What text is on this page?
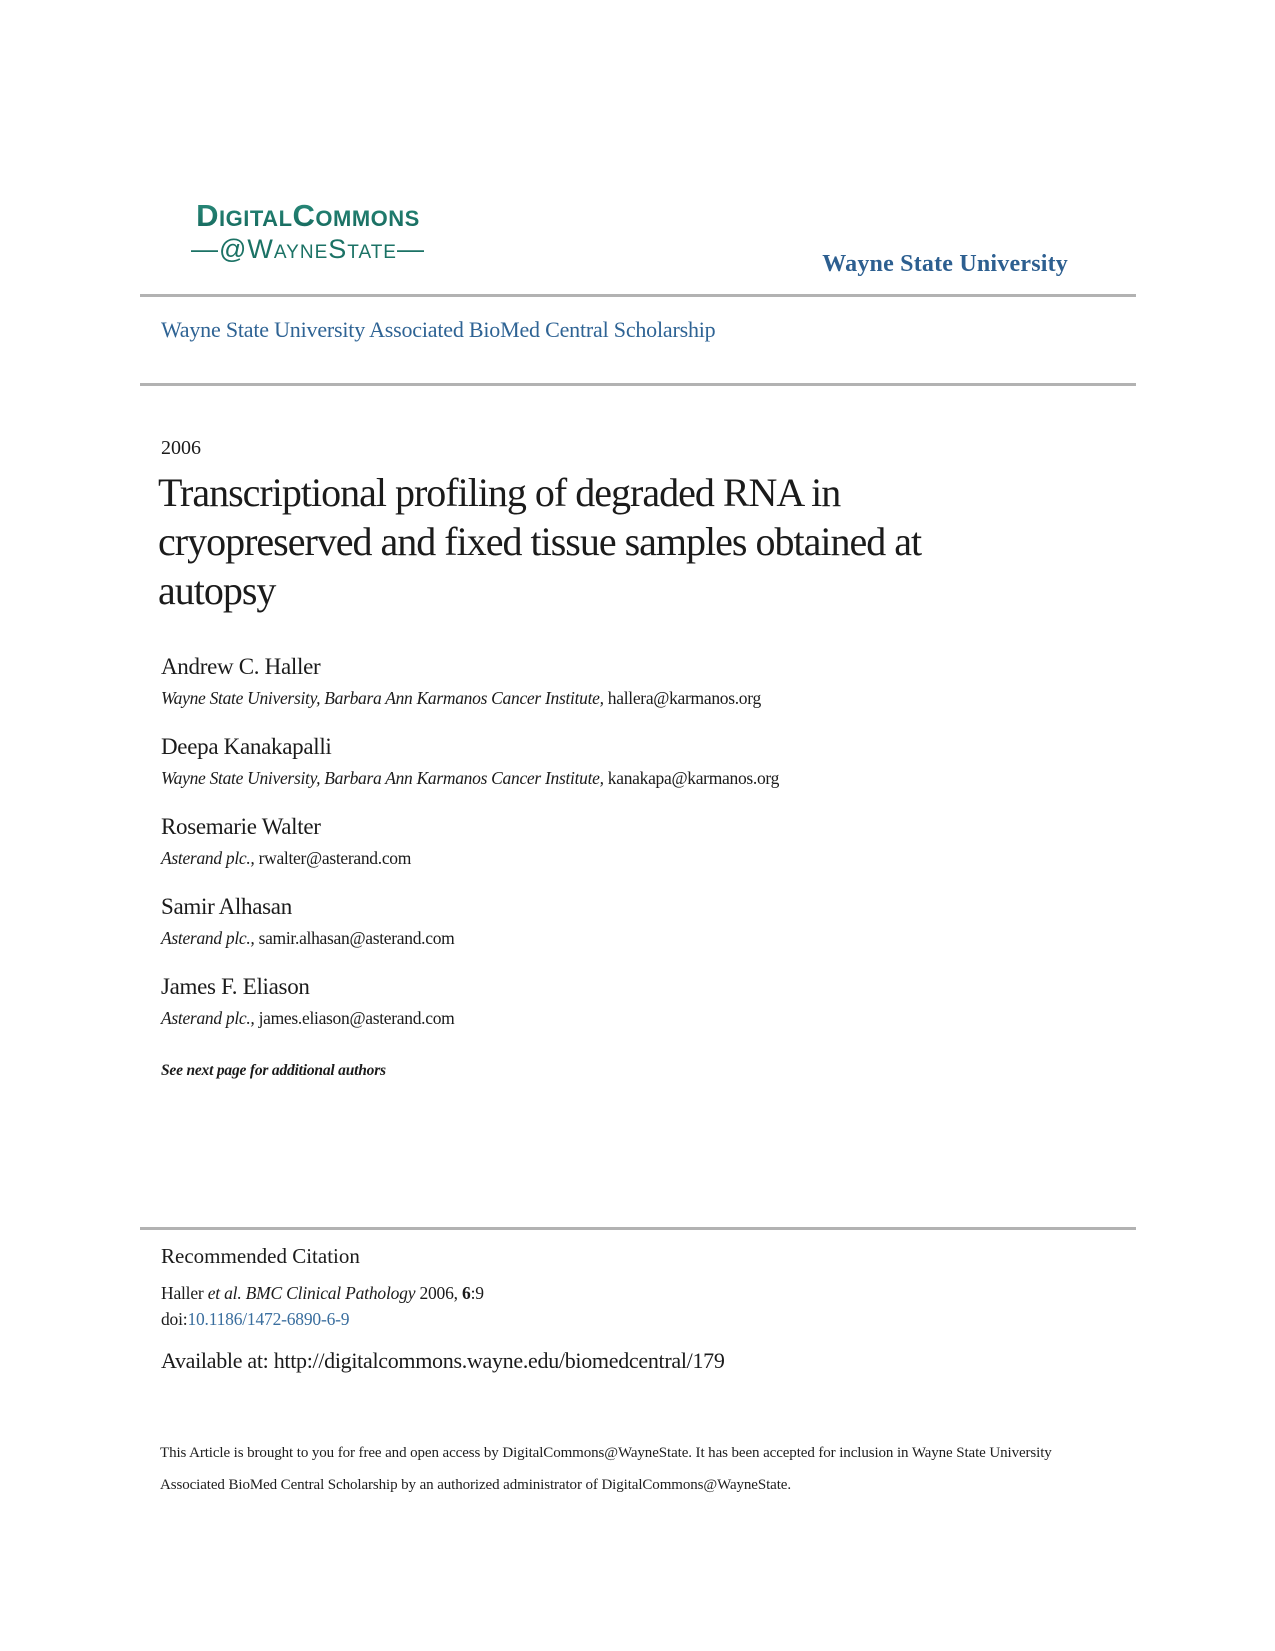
DigitalCommons
—@WayneState—	Wayne State University
Wayne State University Associated BioMed Central Scholarship
2006
Transcriptional profiling of degraded RNA in
cryopreserved and fixed tissue samples obtained at
autopsy
Andrew C. Haller
Wayne State University, Barbara Ann Karmanos Cancer Institute, hallera@karmanos.org
Deepa Kanakapalli
Wayne State University, Barbara Ann Karmanos Cancer Institute, kanakapa@karmanos.org
Rosemarie Walter
Asterand plc., rwalter@asterand.com
Samir Alhasan
Asterand plc., samir.alhasan@asterand.com
James F. Eliason
Asterand plc., james.eliason@asterand.com
See next page for additional authors
Recommended Citation
Haller et al. BMC Clinical Pathology 2006, 6:9
doi:10.1186/1472-6890-6-9
Available at: http://digitalcommons.wayne.edu/biomedcentral/179
This Article is brought to you for free and open access by DigitalCommons@WayneState. It has been accepted for inclusion in Wayne State University
Associated BioMed Central Scholarship by an authorized administrator of DigitalCommons@WayneState.
